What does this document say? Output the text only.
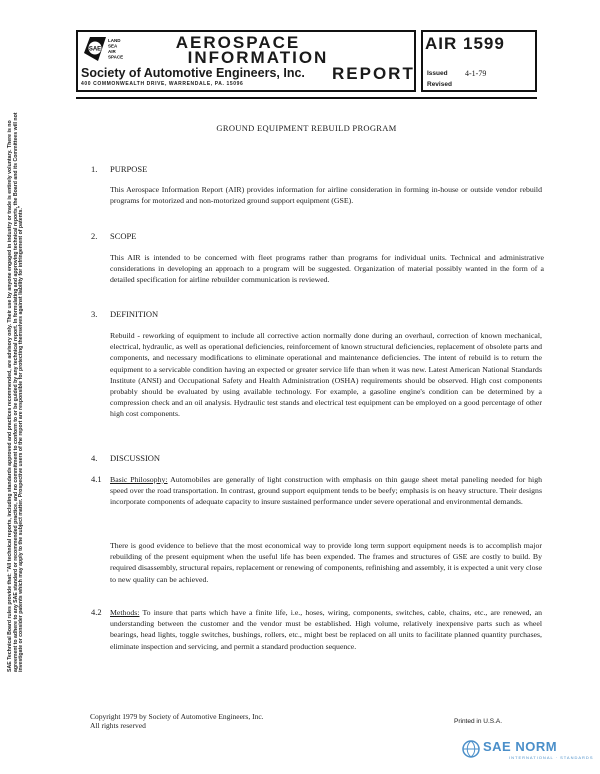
SAE
LAND
SEA
AIR
SPACE
AEROSPACE
INFORMATION
REPORT
Society of Automotive Engineers, Inc.
400 COMMONWEALTH DRIVE, WARRENDALE, PA. 15096
AIR 1599
Issued 4-1-79
Revised
SAE Technical Board rules provide that: "All technical reports, including standards approved and practices recommended, are advisory only. Their use by anyone engaged in industry or trade is entirely voluntary. There is no agreement to adhere to any SAE standard or recommended practice, and no commitment to conform to or be guided by any technical report. In formulating and approving technical reports, the Board and its Committees will not investigate or consider patents which may apply to the subject matter. Prospective users of the report are responsible for protecting themselves against liability for infringement of patents."
GROUND EQUIPMENT REBUILD PROGRAM
1. PURPOSE
This Aerospace Information Report (AIR) provides information for airline consideration in forming in-house or outside vendor rebuild programs for motorized and non-motorized ground support equipment (GSE).
2. SCOPE
This AIR is intended to be concerned with fleet programs rather than programs for individual units. Technical and administrative considerations in developing an approach to a program will be suggested. Organization of material possibly wanted in the form of a detailed specification for airline rebuilder communication is reviewed.
3. DEFINITION
Rebuild - reworking of equipment to include all corrective action normally done during an overhaul, correction of known mechanical, electrical, hydraulic, as well as operational deficiencies, reinforcement of known structural deficiencies, replacement of obsolete parts and components, and necessary modifications to eliminate operational and maintenance deficiencies. The intent of rebuild is to return the equipment to a servicable condition having an expected or greater service life than when it was new. Latest American National Standards Institute (ANSI) and Occupational Safety and Health Administration (OSHA) requirements should be observed. High cost components probably should be evaluated by using available technology. For example, a gasoline engine's condition can be determined by a compression check and an oil analysis. Hydraulic test stands and electrical test equipment can be employed on a good percentage of other high cost components.
4. DISCUSSION
4.1 Basic Philosophy: Automobiles are generally of light construction with emphasis on thin gauge sheet metal paneling needed for high speed over the road transportation. In contrast, ground support equipment tends to be beefy; emphasis is on heavy structure. Their designs incorporate components of adequate capacity to insure sustained performance under severe operational and environmental demands.
There is good evidence to believe that the most economical way to provide long term support equipment needs is to accomplish major rebuilding of the present equipment when the useful life has been expended. The frames and structures of GSE are costly to build. By required disassembly, structural repairs, replacement or renewing of components, refinishing and assembly, it is expected a unit very close to new quality can be achieved.
4.2 Methods: To insure that parts which have a finite life, i.e., hoses, wiring, components, switches, cable, chains, etc., are renewed, an understanding between the customer and the vendor must be established. High volume, relatively inexpensive parts such as wheel bearings, head lights, toggle switches, bushings, rollers, etc., might best be replaced on all units to facilitate planned quantity purchases, eliminate inspection and servicing, and permit a standard production sequence.
Copyright 1979 by Society of Automotive Engineers, Inc.
All rights reserved	Printed in U.S.A.
SAE NORM
INTERNATIONAL · STANDARDS
